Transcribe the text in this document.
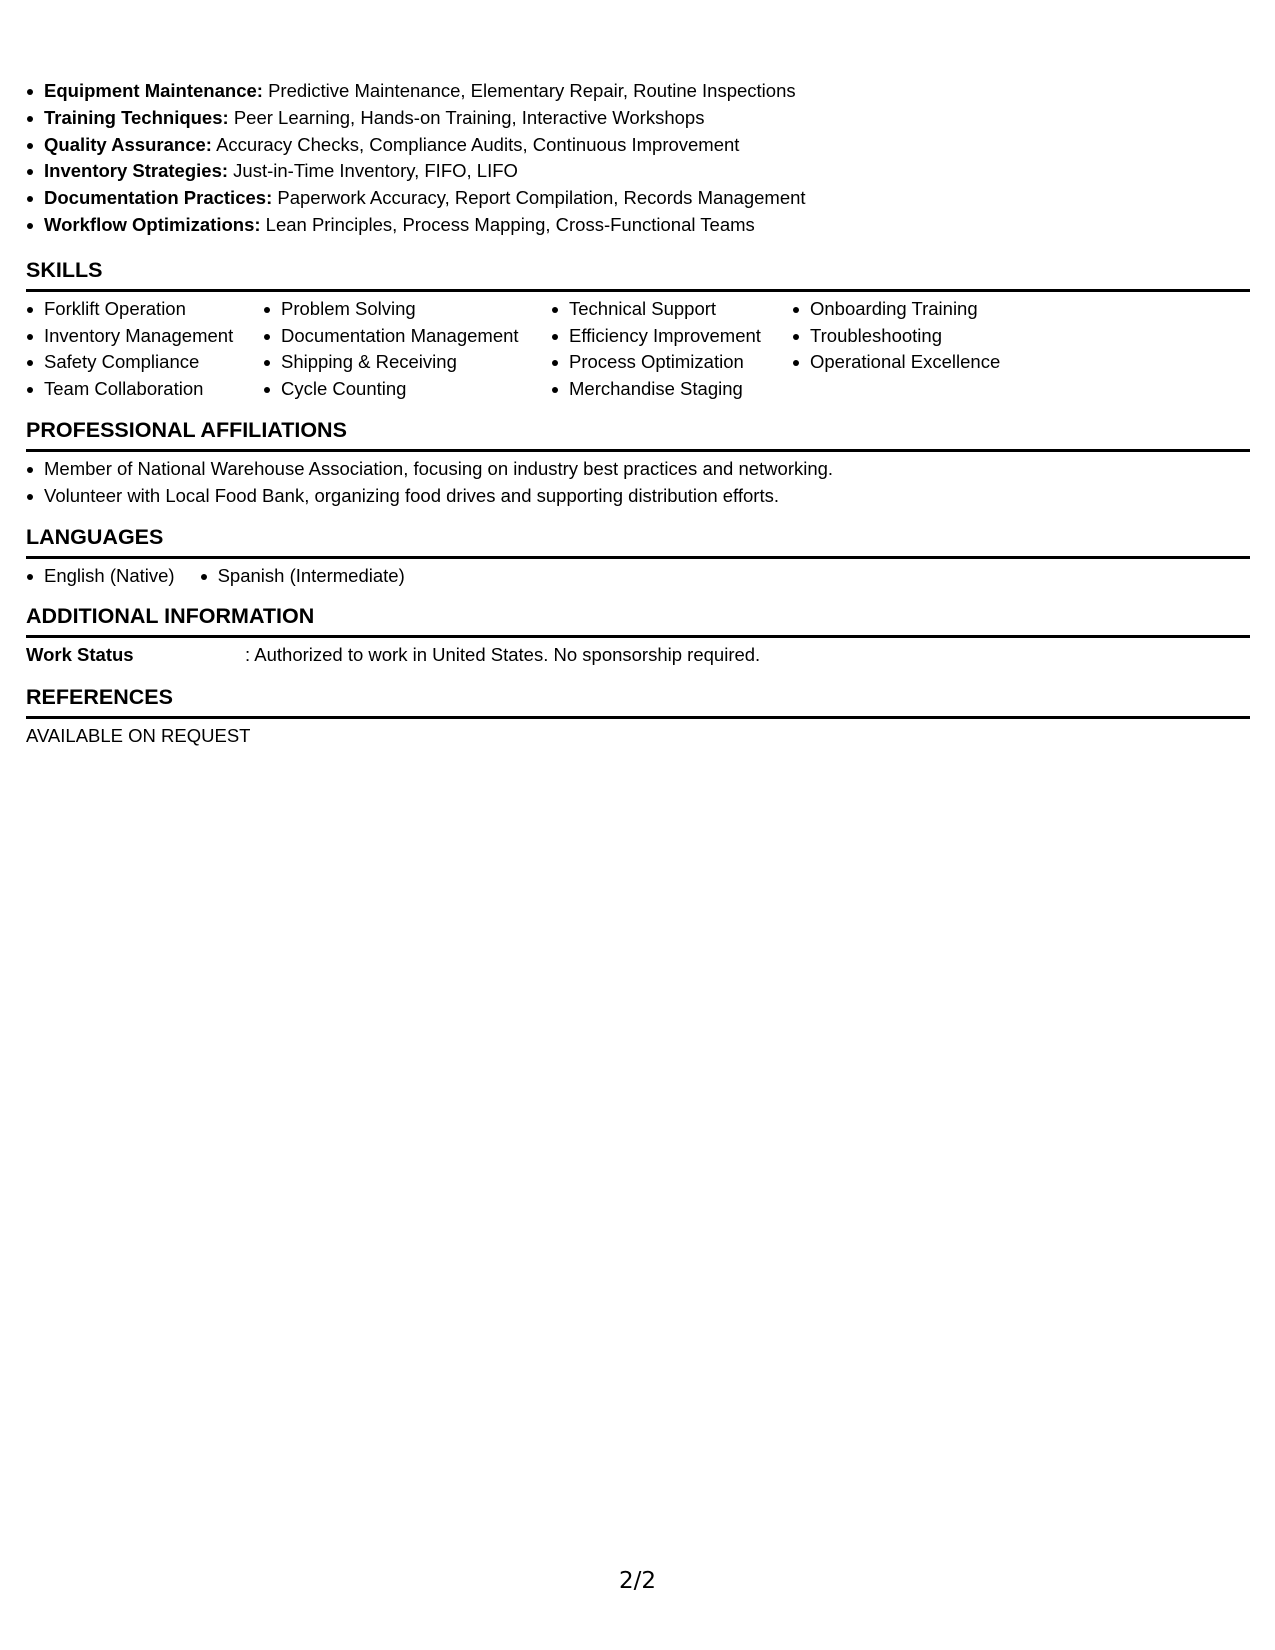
Equipment Maintenance: Predictive Maintenance, Elementary Repair, Routine Inspections
Training Techniques: Peer Learning, Hands-on Training, Interactive Workshops
Quality Assurance: Accuracy Checks, Compliance Audits, Continuous Improvement
Inventory Strategies: Just-in-Time Inventory, FIFO, LIFO
Documentation Practices: Paperwork Accuracy, Report Compilation, Records Management
Workflow Optimizations: Lean Principles, Process Mapping, Cross-Functional Teams
SKILLS
Forklift Operation
Inventory Management
Safety Compliance
Team Collaboration
Problem Solving
Documentation Management
Shipping & Receiving
Cycle Counting
Technical Support
Efficiency Improvement
Process Optimization
Merchandise Staging
Onboarding Training
Troubleshooting
Operational Excellence
PROFESSIONAL AFFILIATIONS
Member of National Warehouse Association, focusing on industry best practices and networking.
Volunteer with Local Food Bank, organizing food drives and supporting distribution efforts.
LANGUAGES
English (Native)	Spanish (Intermediate)
ADDITIONAL INFORMATION
Work Status	: Authorized to work in United States. No sponsorship required.
REFERENCES
AVAILABLE ON REQUEST
2/2
